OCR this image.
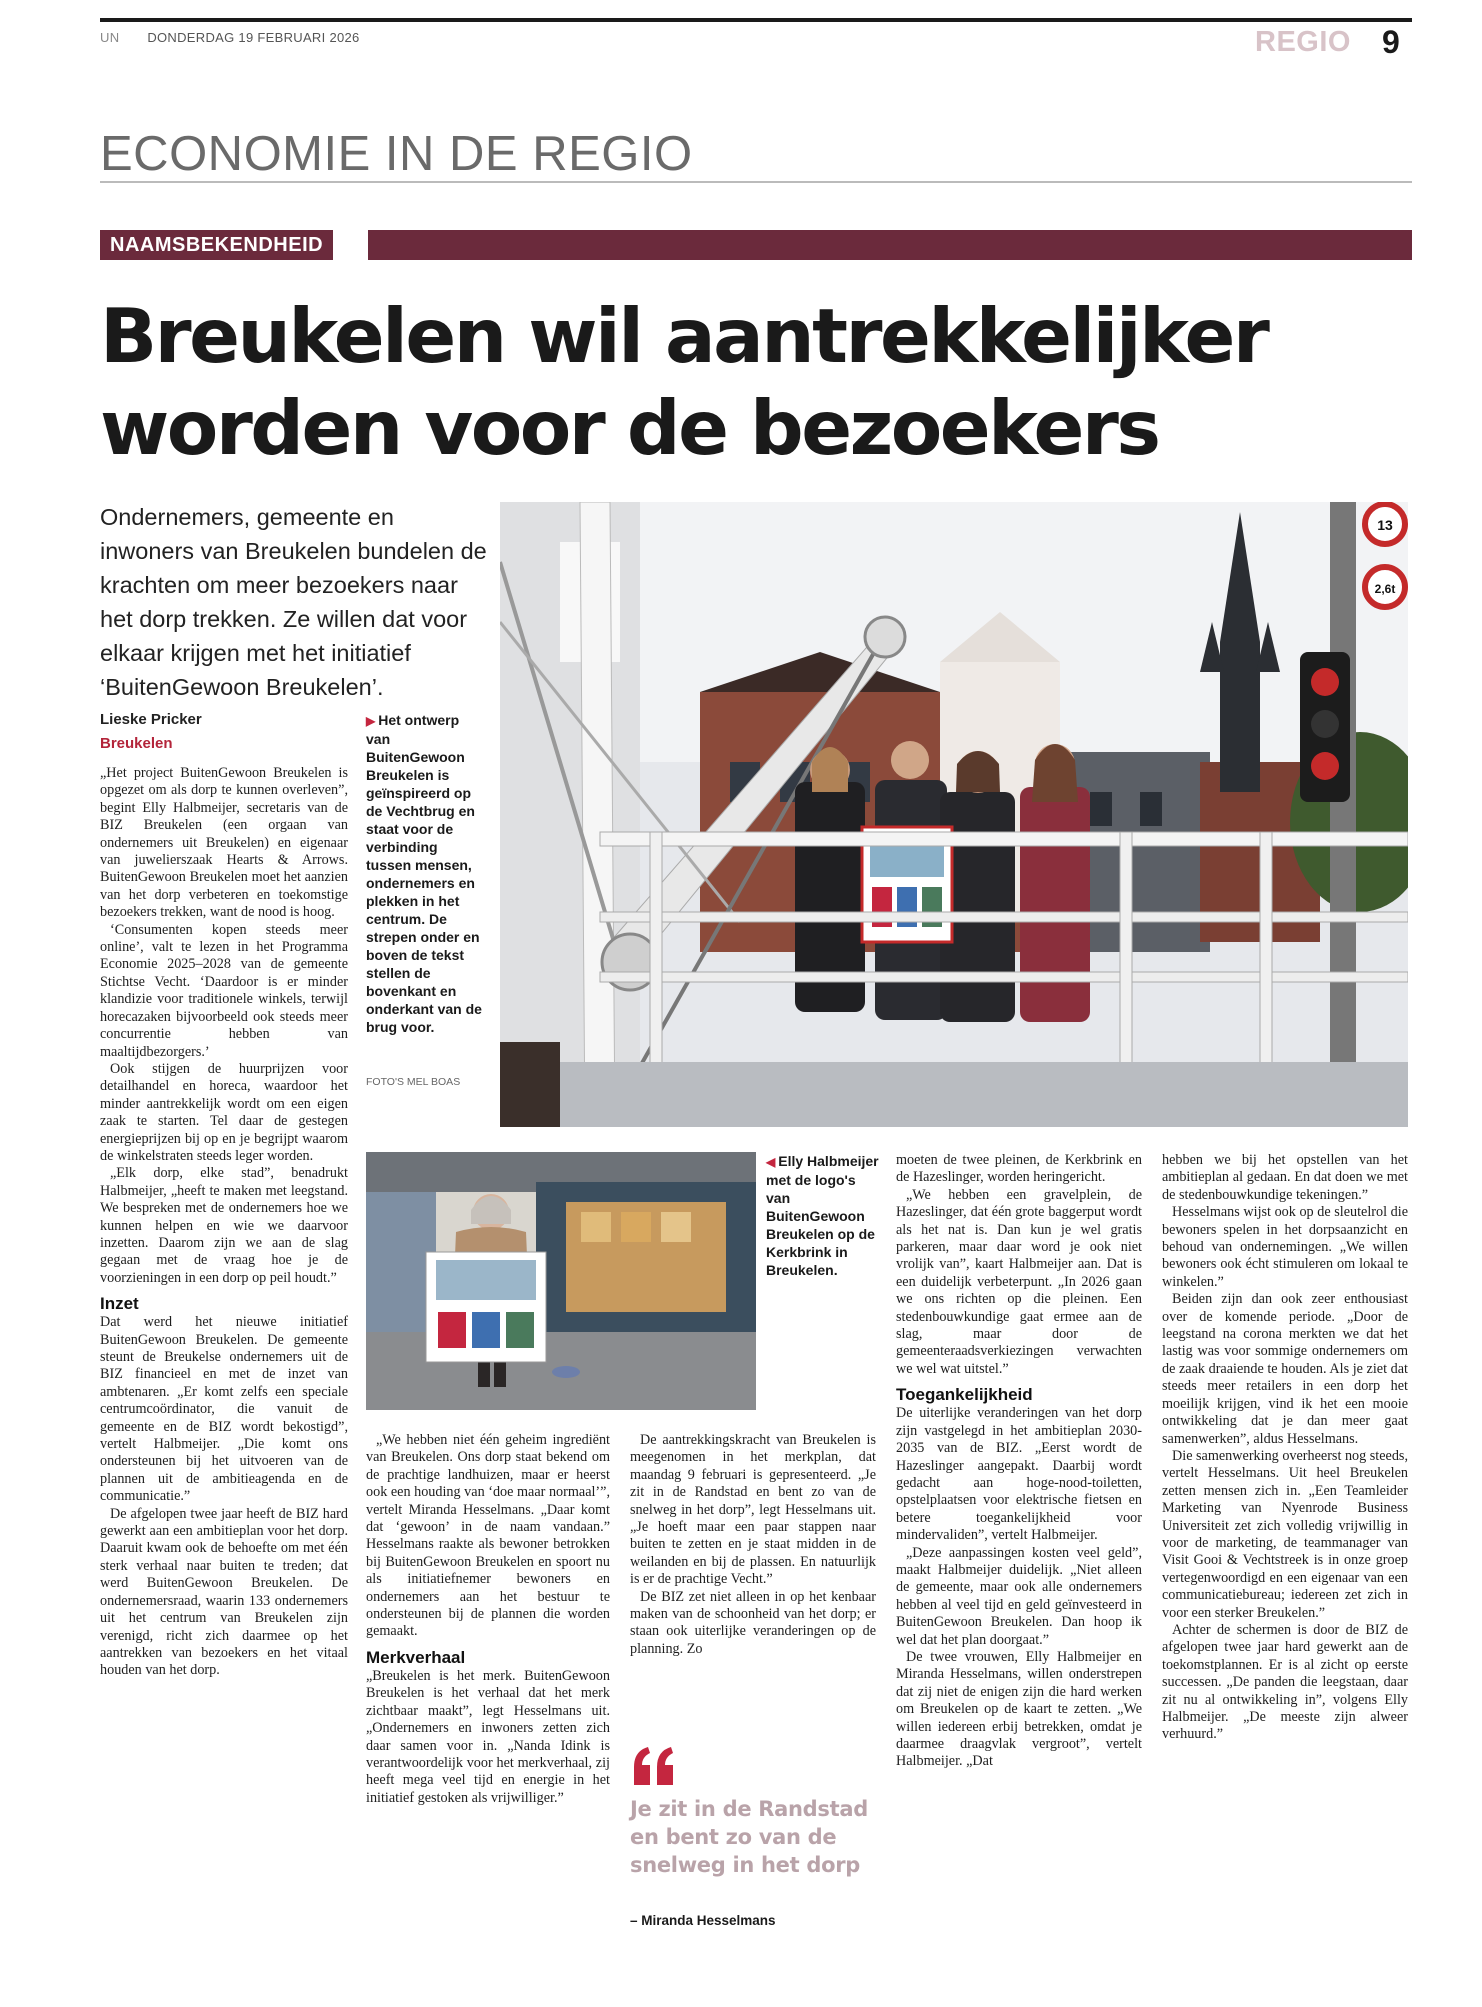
UN DONDERDAG 19 FEBRUARI 2026	REGIO 9
ECONOMIE IN DE REGIO
NAAMSBEKENDHEID
Breukelen wil aantrekkelijker worden voor de bezoekers
Ondernemers, gemeente en inwoners van Breukelen bundelen de krachten om meer bezoekers naar het dorp trekken. Ze willen dat voor elkaar krijgen met het initiatief ‘BuitenGewoon Breukelen’.
13
2,6t
Lieske Pricker
Breukelen
▶ Het ontwerp van BuitenGewoon Breukelen is geïnspireerd op de Vechtbrug en staat voor de verbinding tussen mensen, ondernemers en plekken in het centrum. De strepen onder en boven de tekst stellen de bovenkant en onderkant van de brug voor.
FOTO'S MEL BOAS
◀ Elly Halbmeijer met de logo's van BuitenGewoon Breukelen op de Kerkbrink in Breukelen.

„Het project BuitenGewoon Breukelen is opgezet om als dorp te kunnen overleven”, begint Elly Halbmeijer, secretaris van de BIZ Breukelen (een orgaan van ondernemers uit Breukelen) en eigenaar van juwelierszaak Hearts & Arrows. BuitenGewoon Breukelen moet het aanzien van het dorp verbeteren en toekomstige bezoekers trekken, want de nood is hoog.

‘Consumenten kopen steeds meer online’, valt te lezen in het Programma Economie 2025–2028 van de gemeente Stichtse Vecht. ‘Daardoor is er minder klandizie voor traditionele winkels, terwijl horecazaken bijvoorbeeld ook steeds meer concurrentie hebben van maaltijdbezorgers.’

Ook stijgen de huurprijzen voor detailhandel en horeca, waardoor het minder aantrekkelijk wordt om een eigen zaak te starten. Tel daar de gestegen energieprijzen bij op en je begrijpt waarom de winkelstraten steeds leger worden.

„Elk dorp, elke stad”, benadrukt Halbmeijer, „heeft te maken met leegstand. We bespreken met de ondernemers hoe we kunnen helpen en wie we daarvoor inzetten. Daarom zijn we aan de slag gegaan met de vraag hoe je de voorzieningen in een dorp op peil houdt.”

Inzet

Dat werd het nieuwe initiatief BuitenGewoon Breukelen. De gemeente steunt de Breukelse ondernemers uit de BIZ financieel en met de inzet van ambtenaren. „Er komt zelfs een speciale centrumcoördinator, die vanuit de gemeente en de BIZ wordt bekostigd”, vertelt Halbmeijer. „Die komt ons ondersteunen bij het uitvoeren van de plannen uit de ambitieagenda en de communicatie.”

De afgelopen twee jaar heeft de BIZ hard gewerkt aan een ambitieplan voor het dorp. Daaruit kwam ook de behoefte om met één sterk verhaal naar buiten te treden; dat werd BuitenGewoon Breukelen. De ondernemersraad, waarin 133 ondernemers uit het centrum van Breukelen zijn verenigd, richt zich daarmee op het aantrekken van bezoekers en het vitaal houden van het dorp.

„We hebben niet één geheim ingrediënt van Breukelen. Ons dorp staat bekend om de prachtige landhuizen, maar er heerst ook een houding van ‘doe maar normaal’”, vertelt Miranda Hesselmans. „Daar komt dat ‘gewoon’ in de naam vandaan.” Hesselmans raakte als bewoner betrokken bij BuitenGewoon Breukelen en spoort nu als initiatiefnemer bewoners en ondernemers aan het bestuur te ondersteunen bij de plannen die worden gemaakt.

Merkverhaal

„Breukelen is het merk. BuitenGewoon Breukelen is het verhaal dat het merk zichtbaar maakt”, legt Hesselmans uit. „Ondernemers en inwoners zetten zich daar samen voor in. „Nanda Idink is verantwoordelijk voor het merkverhaal, zij heeft mega veel tijd en energie in het initiatief gestoken als vrijwilliger.”

De aantrekkingskracht van Breukelen is meegenomen in het merkplan, dat maandag 9 februari is gepresenteerd. „Je zit in de Randstad en bent zo van de snelweg in het dorp”, legt Hesselmans uit. „Je hoeft maar een paar stappen naar buiten te zetten en je staat midden in de weilanden en bij de plassen. En natuurlijk is er de prachtige Vecht.”

De BIZ zet niet alleen in op het kenbaar maken van de schoonheid van het dorp; er staan ook uiterlijke veranderingen op de planning. Zo

Je zit in de Randstad en bent zo van de snelweg in het dorp
– Miranda Hesselmans

moeten de twee pleinen, de Kerkbrink en de Hazeslinger, worden heringericht.

„We hebben een gravelplein, de Hazeslinger, dat één grote baggerput wordt als het nat is. Dan kun je wel gratis parkeren, maar daar word je ook niet vrolijk van”, kaart Halbmeijer aan. Dat is een duidelijk verbeterpunt. „In 2026 gaan we ons richten op die pleinen. Een stedenbouwkundige gaat ermee aan de slag, maar door de gemeenteraadsverkiezingen verwachten we wel wat uitstel.”

Toegankelijkheid

De uiterlijke veranderingen van het dorp zijn vastgelegd in het ambitieplan 2030-2035 van de BIZ. „Eerst wordt de Hazeslinger aangepakt. Daarbij wordt gedacht aan hoge-nood-toiletten, opstelplaatsen voor elektrische fietsen en betere toegankelijkheid voor mindervaliden”, vertelt Halbmeijer.

„Deze aanpassingen kosten veel geld”, maakt Halbmeijer duidelijk. „Niet alleen de gemeente, maar ook alle ondernemers hebben al veel tijd en geld geïnvesteerd in BuitenGewoon Breukelen. Dan hoop ik wel dat het plan doorgaat.”

De twee vrouwen, Elly Halbmeijer en Miranda Hesselmans, willen onderstrepen dat zij niet de enigen zijn die hard werken om Breukelen op de kaart te zetten. „We willen iedereen erbij betrekken, omdat je daarmee draagvlak vergroot”, vertelt Halbmeijer. „Dat

hebben we bij het opstellen van het ambitieplan al gedaan. En dat doen we met de stedenbouwkundige tekeningen.”

Hesselmans wijst ook op de sleutelrol die bewoners spelen in het dorpsaanzicht en behoud van ondernemingen. „We willen bewoners ook écht stimuleren om lokaal te winkelen.”

Beiden zijn dan ook zeer enthousiast over de komende periode. „Door de leegstand na corona merkten we dat het lastig was voor sommige ondernemers om de zaak draaiende te houden. Als je ziet dat steeds meer retailers in een dorp het moeilijk krijgen, vind ik het een mooie ontwikkeling dat je dan meer gaat samenwerken”, aldus Hesselmans.

Die samenwerking overheerst nog steeds, vertelt Hesselmans. Uit heel Breukelen zetten mensen zich in. „Een Teamleider Marketing van Nyenrode Business Universiteit zet zich volledig vrijwillig in voor de marketing, de teammanager van Visit Gooi & Vechtstreek is in onze groep vertegenwoordigd en een eigenaar van een communicatiebureau; iedereen zet zich in voor een sterker Breukelen.”

Achter de schermen is door de BIZ de afgelopen twee jaar hard gewerkt aan de toekomstplannen. Er is al zicht op eerste successen. „De panden die leegstaan, daar zit nu al ontwikkeling in”, volgens Elly Halbmeijer. „De meeste zijn alweer verhuurd.”
